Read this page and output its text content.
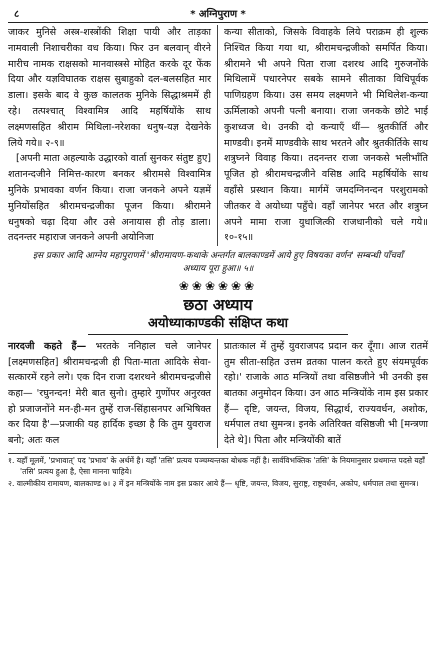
८	* अग्निपुराण *

जाकर मुनिसे अस्त्र-शस्त्रोंकी शिक्षा पायी और ताड़का नामवाली निशाचरीका वध किया। फिर उन बलवान् वीरने मारीच नामक राक्षसको मानवास्त्रसे मोहित करके दूर फेंक दिया और यज्ञविघातक राक्षस सुबाहुको दल-बलसहित मार डाला। इसके बाद वे कुछ कालतक मुनिके सिद्धाश्रममें ही रहे। तत्पश्चात् विश्वामित्र आदि महर्षियोंके साथ लक्ष्मणसहित श्रीराम मिथिला-नरेशका धनुष-यज्ञ देखनेके लिये गये॥ २-९॥

[अपनी माता अहल्याके उद्धारको वार्ता सुनकर संतुष्ट हुए] शतानन्दजीने निमित्त-कारण बनकर श्रीरामसे विश्वामित्र मुनिके प्रभावका वर्णन किया। राजा जनकने अपने यज्ञमें मुनियोंसहित श्रीरामचन्द्रजीका पूजन किया। श्रीरामने धनुषको चढ़ा दिया और उसे अनायास ही तोड़ डाला। तदनन्तर महाराज जनकने अपनी अयोनिजा

कन्या सीताको, जिसके विवाहके लिये पराक्रम ही शुल्क निश्चित किया गया था, श्रीरामचन्द्रजीको समर्पित किया। श्रीरामने भी अपने पिता राजा दशरथ आदि गुरुजनोंके मिथिलामें पधारनेपर सबके सामने सीताका विधिपूर्वक पाणिग्रहण किया। उस समय लक्ष्मणने भी मिथिलेश-कन्या ऊर्मिलाको अपनी पत्नी बनाया। राजा जनकके छोटे भाई कुशध्वज थे। उनकी दो कन्याएँ थीं— श्रुतकीर्ति और माण्डवी। इनमें माण्डवीके साथ भरतने और श्रुतकीर्तिके साथ शत्रुघ्नने विवाह किया। तदनन्तर राजा जनकसे भलीभाँति पूजित हो श्रीरामचन्द्रजीने वसिष्ठ आदि महर्षियोंके साथ वहाँसे प्रस्थान किया। मार्गमें जमदग्निनन्दन परशुरामको जीतकर वे अयोध्या पहुँचे। वहाँ जानेपर भरत और शत्रुघ्न अपने मामा राजा युधाजित्की राजधानीको चले गये॥ १०-१५॥

इस प्रकार आदि आग्नेय महापुराणमें 'श्रीरामायण-कथाके अन्तर्गत बालकाण्डमें आये हुए विषयका वर्णन' सम्बन्धी पाँचवाँ अध्याय पूरा हुआ॥ ५॥
❀❀❀❀❀❀
छठा अध्याय
अयोध्याकाण्डकी संक्षिप्त कथा

नारदजी कहते हैं— भरतके ननिहाल चले जानेपर [लक्ष्मणसहित] श्रीरामचन्द्रजी ही पिता-माता आदिके सेवा-सत्कारमें रहने लगे। एक दिन राजा दशरथने श्रीरामचन्द्रजीसे कहा— 'रघुनन्दन! मेरी बात सुनो। तुम्हारे गुणोंपर अनुरक्त हो प्रजाजनोंने मन-ही-मन तुम्हें राज-सिंहासनपर अभिषिक्त कर दिया है'—प्रजाकी यह हार्दिक इच्छा है कि तुम युवराज बनो; अतः कल

प्रातःकाल में तुम्हें युवराजपद प्रदान कर दूँगा। आज रातमें तुम सीता-सहित उत्तम व्रतका पालन करते हुए संयमपूर्वक रहो।' राजाके आठ मन्त्रियों तथा वसिष्ठजीने भी उनकी इस बातका अनुमोदन किया। उन आठ मन्त्रियोंके नाम इस प्रकार हैं— दृष्टि, जयन्त, विजय, सिद्धार्थ, राज्यवर्धन, अशोक, धर्मपाल तथा सुमन्त्र। इनके अतिरिक्त वसिष्ठजी भी [मन्त्रणा देते थे]। पिता और मन्त्रियोंकी बातें

१. यहाँ मूलमें, 'प्रभावात्' पद 'प्रभाव' के अर्थमें है। यहाँ 'तसि' प्रत्यय पञ्चम्यन्तका बोधक नहीं है। सार्वविभक्तिक 'तसि' के नियमानुसार प्रथमान्त पदसे यहाँ 'तसि' प्रत्यय हुआ है, ऐसा मानना चाहिये।
२. वाल्मीकीय रामायण, बालकाण्ड ७। ३ में इन मन्त्रियोंके नाम इस प्रकार आये हैं— धृष्टि, जयन्त, विजय, सुराष्ट्र, राष्ट्रवर्धन, अकोप, धर्मपाल तथा सुमन्त्र।
